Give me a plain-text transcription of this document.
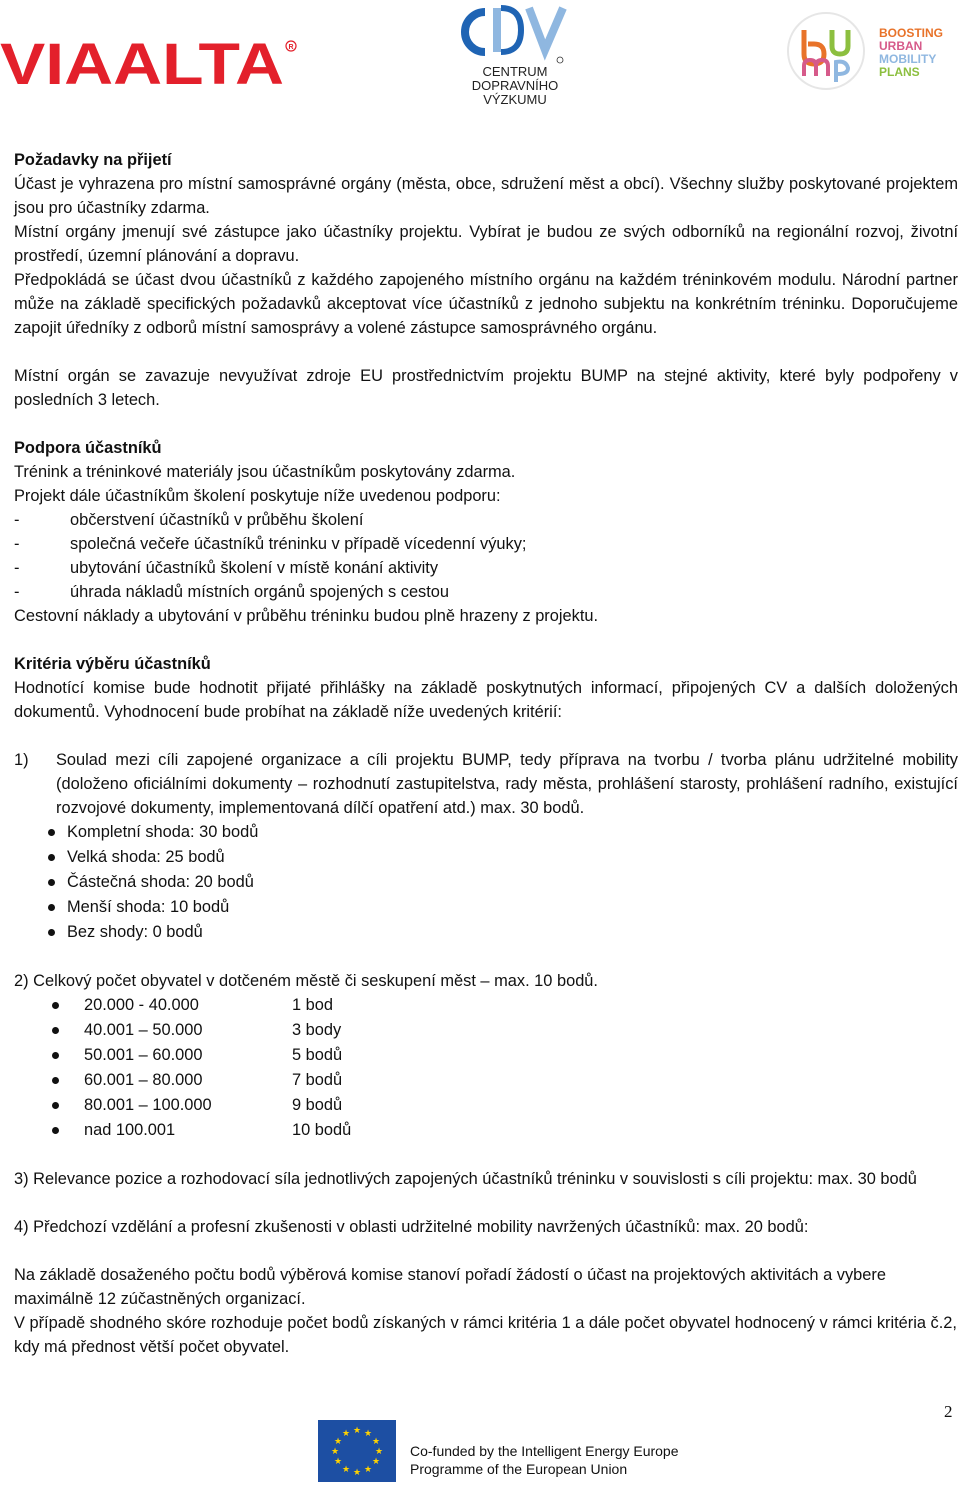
VIAALTA R
CENTRUM
DOPRAVNÍHO
VÝZKUMU
BOOSTING
URBAN
MOBILITY
PLANS

Požadavky na přijetí

Účast je vyhrazena pro místní samosprávné orgány (města, obce, sdružení měst a obcí). Všechny služby poskytované projektem jsou pro účastníky zdarma.

Místní orgány jmenují své zástupce jako účastníky projektu. Vybírat je budou ze svých odborníků na regionální rozvoj, životní prostředí, územní plánování a dopravu.

Předpokládá se účast dvou účastníků z každého zapojeného místního orgánu na každém tréninkovém modulu. Národní partner může na základě specifických požadavků akceptovat více účastníků z jednoho subjektu na konkrétním tréninku. Doporučujeme zapojit úředníky z odborů místní samosprávy a volené zástupce samosprávného orgánu.

Místní orgán se zavazuje nevyužívat zdroje EU prostřednictvím projektu BUMP na stejné aktivity, které byly podpořeny v posledních 3 letech.

Podpora účastníků

Trénink a tréninkové materiály jsou účastníkům poskytovány zdarma.

Projekt dále účastníkům školení poskytuje níže uvedenou podporu:

- občerstvení účastníků v průběhu školení
- společná večeře účastníků tréninku v případě vícedenní výuky;
- ubytování účastníků školení v místě konání aktivity
- úhrada nákladů místních orgánů spojených s cestou

Cestovní náklady a ubytování v průběhu tréninku budou plně hrazeny z projektu.

Kritéria výběru účastníků

Hodnotící komise bude hodnotit přijaté přihlášky na základě poskytnutých informací, připojených CV a dalších doložených dokumentů. Vyhodnocení bude probíhat na základě níže uvedených kritérií:

1) Soulad mezi cíli zapojené organizace a cíli projektu BUMP, tedy příprava na tvorbu / tvorba plánu udržitelné mobility (doloženo oficiálními dokumenty – rozhodnutí zastupitelstva, rady města, prohlášení starosty, prohlášení radního, existující rozvojové dokumenty, implementovaná dílčí opatření atd.) max. 30 bodů.
Kompletní shoda: 30 bodů
Velká shoda: 25 bodů
Částečná shoda: 20 bodů
Menší shoda: 10 bodů
Bez shody: 0 bodů

2) Celkový počet obyvatel v dotčeném městě či seskupení měst – max. 10 bodů.

20.000 - 40.000	1 bod
40.001 – 50.000	3 body
50.001 – 60.000	5 bodů
60.001 – 80.000	7 bodů
80.001 – 100.000	9 bodů
nad 100.001	10 bodů

3) Relevance pozice a rozhodovací síla jednotlivých zapojených účastníků tréninku v souvislosti s cíli projektu: max. 30 bodů

4) Předchozí vzdělání a profesní zkušenosti v oblasti udržitelné mobility navržených účastníků: max. 20 bodů:

Na základě dosaženého počtu bodů výběrová komise stanoví pořadí žádostí o účast na projektových aktivitách a vybere maximálně 12 zúčastněných organizací.

V případě shodného skóre rozhoduje počet bodů získaných v rámci kritéria 1 a dále počet obyvatel hodnocený v rámci kritéria č.2, kdy má přednost větší počet obyvatel.

2
★ ★
★
★
★
★
★
★
★
★
★
★
Co-funded by the Intelligent Energy Europe
Programme of the European Union
